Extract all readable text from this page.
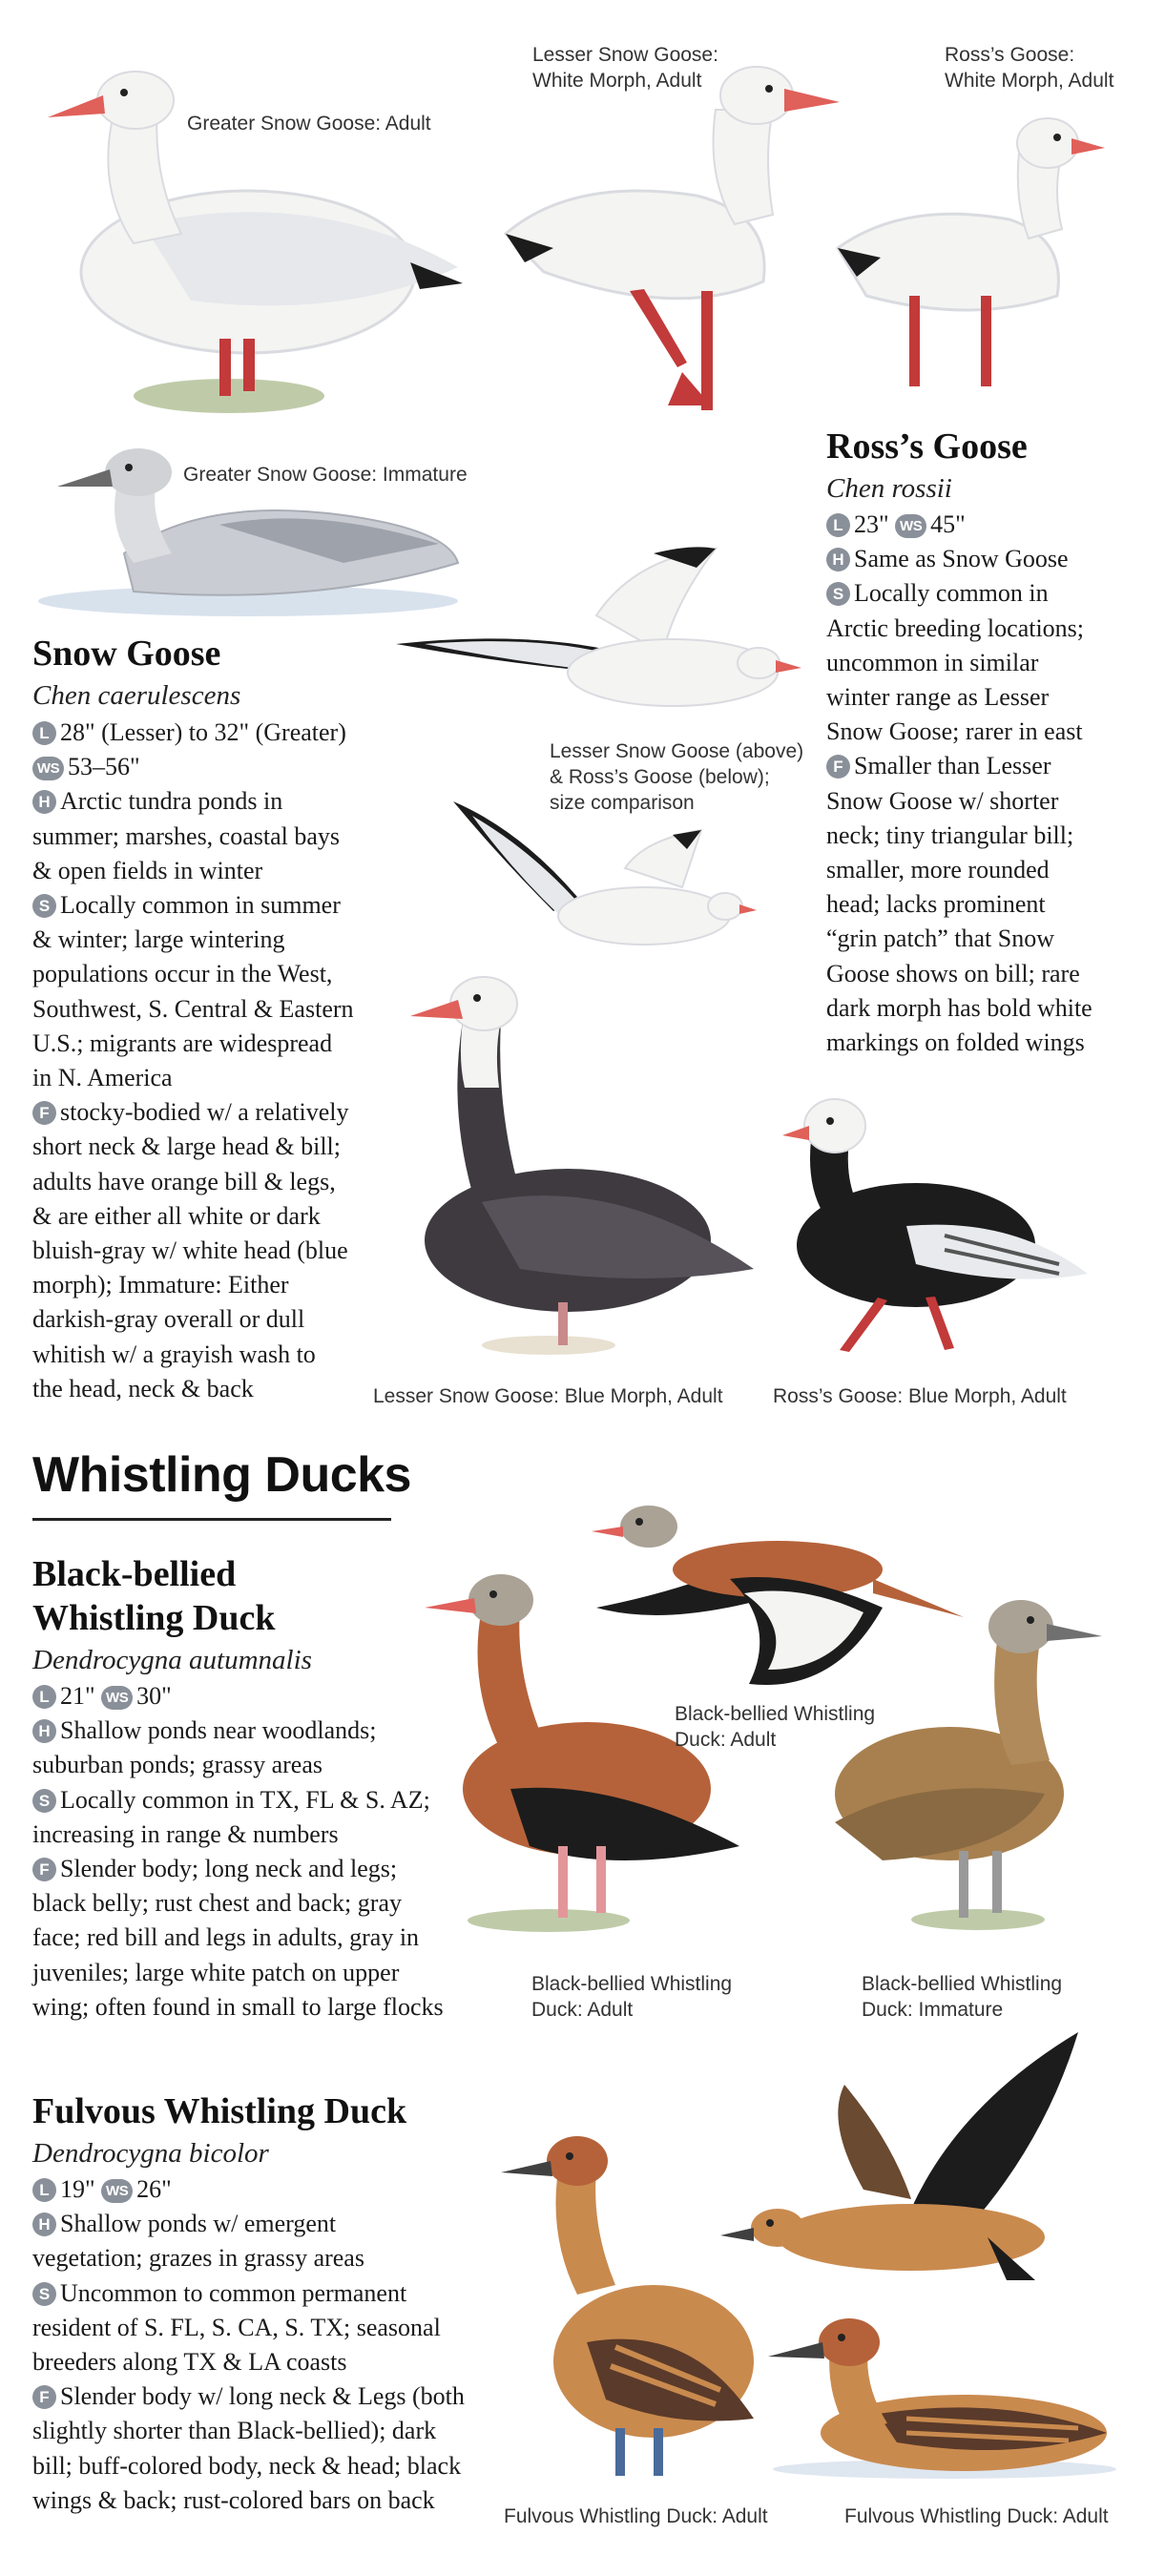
Greater Snow Goose: Adult
Lesser Snow Goose:
White Morph, Adult
Ross’s Goose:
White Morph, Adult
Greater Snow Goose: Immature
Lesser Snow Goose (above)
& Ross’s Goose (below);
size comparison
Lesser Snow Goose: Blue Morph, Adult Ross’s Goose: Blue Morph, Adult
Black-bellied Whistling
Duck: Adult
Black-bellied Whistling
Duck: Adult
Black-bellied Whistling
Duck: Immature
Fulvous Whistling Duck: Adult	Fulvous Whistling Duck: Adult
Ross’s Goose
Chen rossii
L 23" WS 45"
H Same as Snow Goose
S Locally common in
Arctic breeding locations;
uncommon in similar
winter range as Lesser
Snow Goose; rarer in east
F Smaller than Lesser
Snow Goose w/ shorter
neck; tiny triangular bill;
smaller, more rounded
head; lacks prominent
“grin patch” that Snow
Goose shows on bill; rare
dark morph has bold white
markings on folded wings
Snow Goose
Chen caerulescens
L 28" (Lesser) to 32" (Greater)
WS 53–56"
H Arctic tundra ponds in
summer; marshes, coastal bays
& open fields in winter
S Locally common in summer
& winter; large wintering
populations occur in the West,
Southwest, S. Central & Eastern
U.S.; migrants are widespread
in N. America
F stocky-bodied w/ a relatively
short neck & large head & bill;
adults have orange bill & legs,
& are either all white or dark
bluish-gray w/ white head (blue
morph); Immature: Either
darkish-gray overall or dull
whitish w/ a grayish wash to
the head, neck & back
Whistling Ducks
Black-bellied
Whistling Duck
Dendrocygna autumnalis
L 21" WS 30"
H Shallow ponds near woodlands;
suburban ponds; grassy areas
S Locally common in TX, FL & S. AZ;
increasing in range & numbers
F Slender body; long neck and legs;
black belly; rust chest and back; gray
face; red bill and legs in adults, gray in
juveniles; large white patch on upper
wing; often found in small to large flocks
Fulvous Whistling Duck
Dendrocygna bicolor
L 19" WS 26"
H Shallow ponds w/ emergent
vegetation; grazes in grassy areas
S Uncommon to common permanent
resident of S. FL, S. CA, S. TX; seasonal
breeders along TX & LA coasts
F Slender body w/ long neck & Legs (both
slightly shorter than Black-bellied); dark
bill; buff-colored body, neck & head; black
wings & back; rust-colored bars on back
